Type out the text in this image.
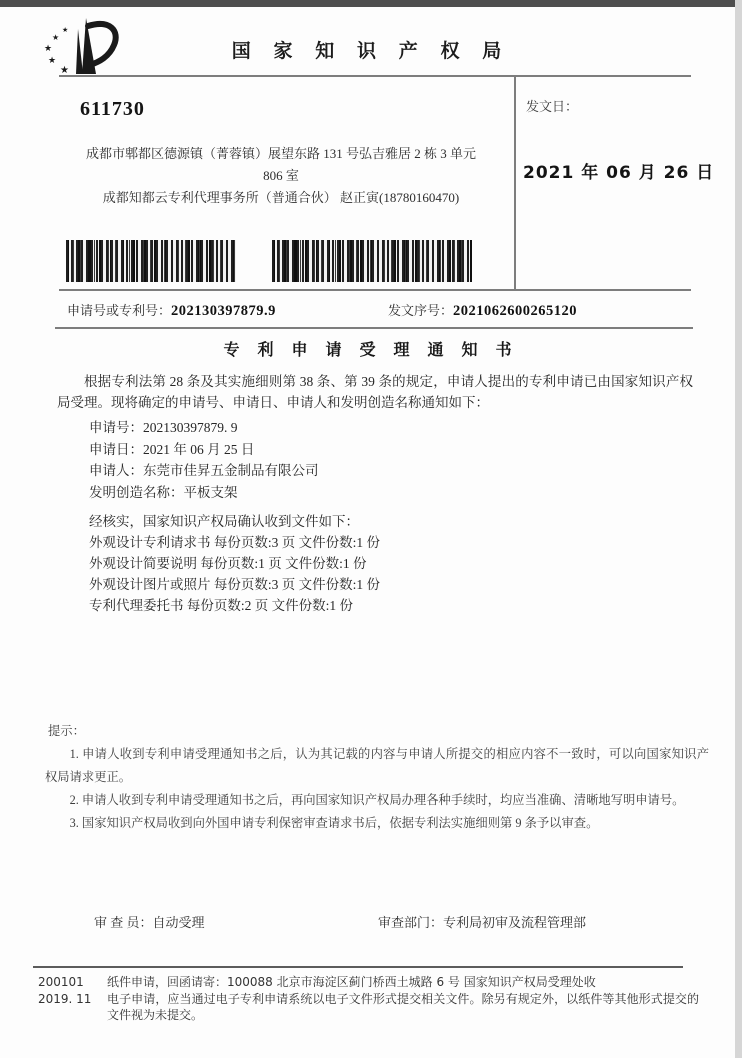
★
★
★
★
★
国 家 知 识 产 权 局
611730
成都市郫都区德源镇（菁蓉镇）展望东路 131 号弘吉雅居 2 栋 3 单元
806 室
成都知都云专利代理事务所（普通合伙） 赵正寅(18780160470)
发文日：
2021 年 06 月 26 日
申请号或专利号：202130397879.9	发文序号：2021062600265120
专 利 申 请 受 理 通 知 书
根据专利法第 28 条及其实施细则第 38 条、第 39 条的规定，申请人提出的专利申请已由国家知识产权局受理。现将确定的申请号、申请日、申请人和发明创造名称通知如下：
申请号：202130397879. 9
申请日：2021 年 06 月 25 日
申请人：东莞市佳昇五金制品有限公司
发明创造名称：平板支架
经核实，国家知识产权局确认收到文件如下：
外观设计专利请求书 每份页数:3 页 文件份数:1 份
外观设计简要说明 每份页数:1 页 文件份数:1 份
外观设计图片或照片 每份页数:3 页 文件份数:1 份
专利代理委托书 每份页数:2 页 文件份数:1 份
提示：

1. 申请人收到专利申请受理通知书之后，认为其记载的内容与申请人所提交的相应内容不一致时，可以向国家知识产权局请求更正。

2. 申请人收到专利申请受理通知书之后，再向国家知识产权局办理各种手续时，均应当准确、清晰地写明申请号。

3. 国家知识产权局收到向外国申请专利保密审查请求书后，依据专利法实施细则第 9 条予以审查。

审 查 员：自动受理	审查部门：专利局初审及流程管理部
200101
2019. 11
纸件申请，回函请寄：100088 北京市海淀区蓟门桥西土城路 6 号 国家知识产权局受理处收
电子申请，应当通过电子专利申请系统以电子文件形式提交相关文件。除另有规定外，以纸件等其他形式提交的文件视为未提交。
